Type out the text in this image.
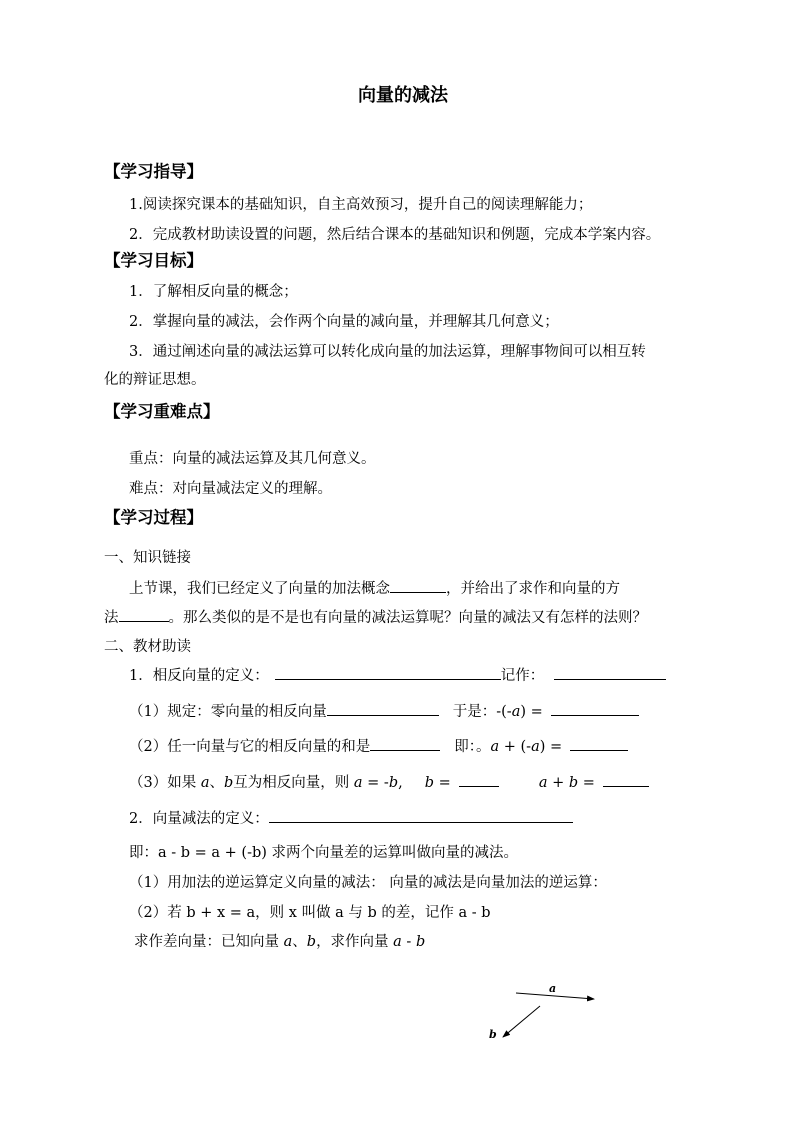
向量的减法
【学习指导】
1.阅读探究课本的基础知识，自主高效预习，提升自己的阅读理解能力；
2．完成教材助读设置的问题，然后结合课本的基础知识和例题，完成本学案内容。
【学习目标】
1．了解相反向量的概念；
2．掌握向量的减法，会作两个向量的减向量，并理解其几何意义；
3．通过阐述向量的减法运算可以转化成向量的加法运算，理解事物间可以相互转
化的辩证思想。
【学习重难点】
重点：向量的减法运算及其几何意义。
难点：对向量减法定义的理解。
【学习过程】
一、知识链接
上节课，我们已经定义了向量的加法概念	，并给出了求作和向量的方
法	。那么类似的是不是也有向量的减法运算呢？向量的减法又有怎样的法则？
二、教材助读
1．相反向量的定义：	记作：
（1）规定：零向量的相反向量	于是：-(-a) =
（2）任一向量与它的相反向量的和是	即：。a + (-a) =
（3）如果 a、b互为相反向量，则 a = -b, b =	a + b =
2．向量减法的定义：
即：a - b = a + (-b) 求两个向量差的运算叫做向量的减法。
（1）用加法的逆运算定义向量的减法： 向量的减法是向量加法的逆运算：
（2）若 b + x = a，则 x 叫做 a 与 b 的差，记作 a - b
求作差向量：已知向量 a、b，求作向量 a - b
a
b
